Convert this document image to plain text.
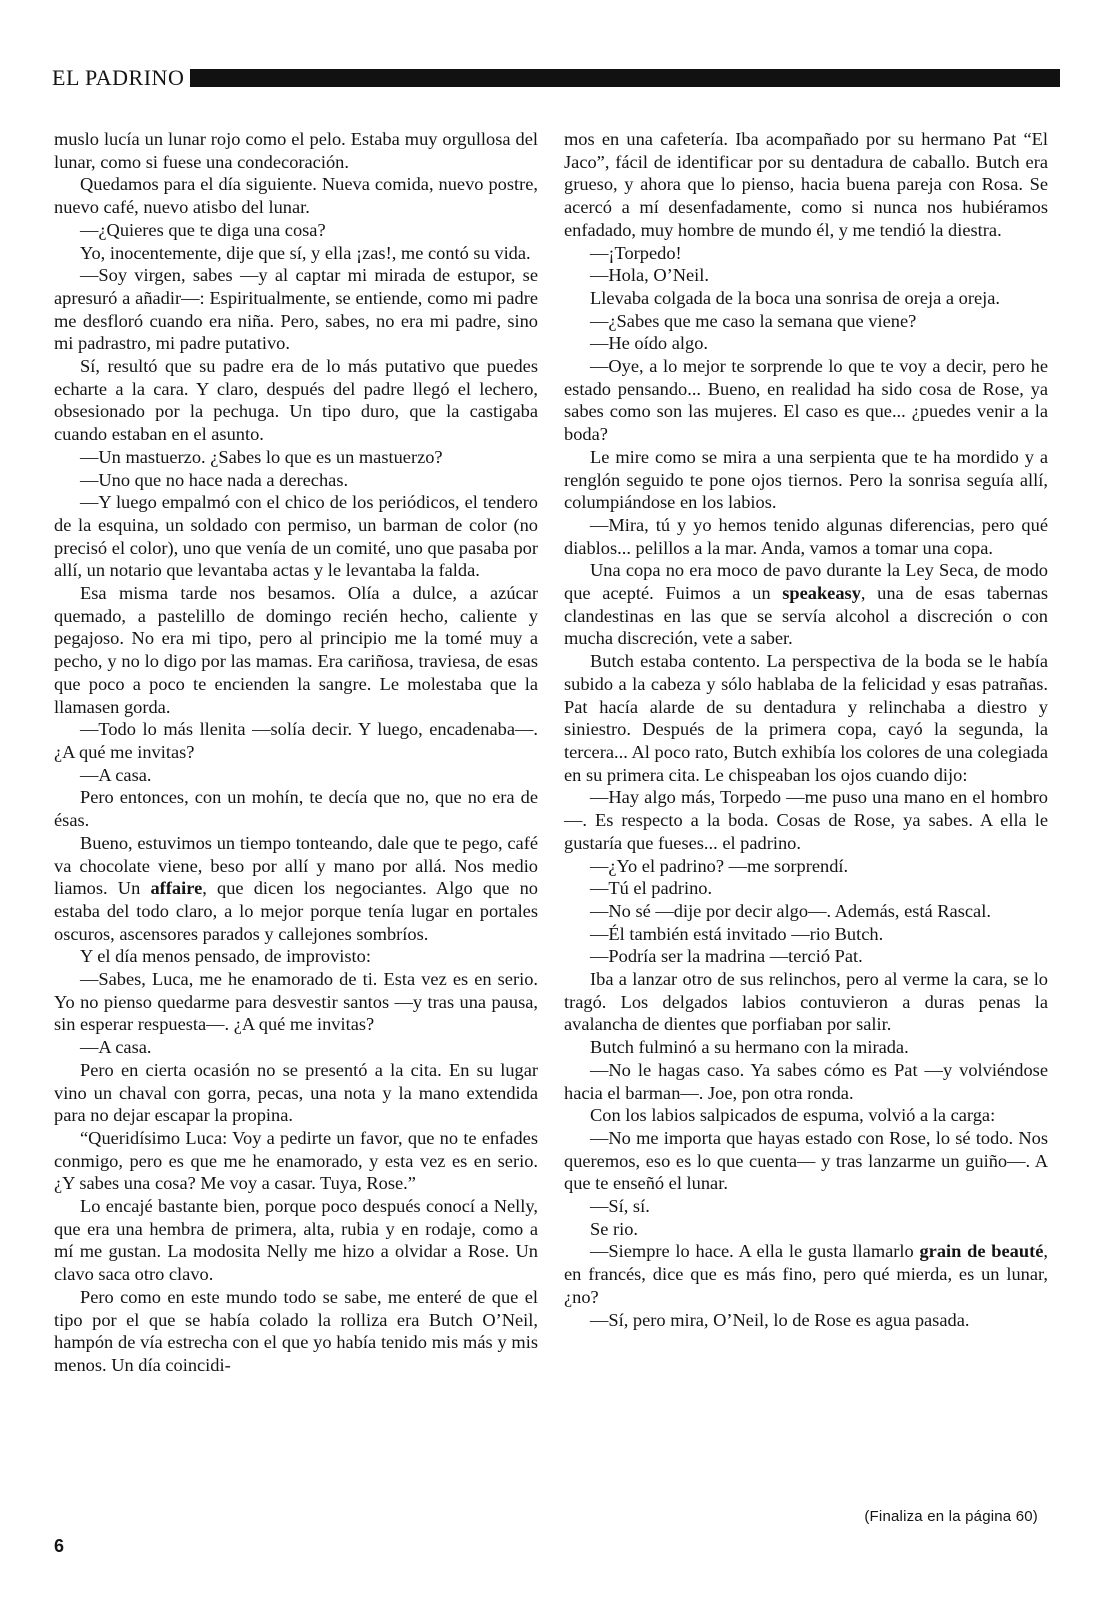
EL PADRINO

muslo lucía un lunar rojo como el pelo. Estaba muy orgullosa del lunar, como si fuese una condecoración.

Quedamos para el día siguiente. Nueva comida, nuevo postre, nuevo café, nuevo atisbo del lunar.

—¿Quieres que te diga una cosa?

Yo, inocentemente, dije que sí, y ella ¡zas!, me contó su vida.

—Soy virgen, sabes —y al captar mi mirada de estupor, se apresuró a añadir—: Espiritualmente, se entiende, como mi padre me desfloró cuando era niña. Pero, sabes, no era mi padre, sino mi padrastro, mi padre putativo.

Sí, resultó que su padre era de lo más putativo que puedes echarte a la cara. Y claro, después del padre llegó el lechero, obsesionado por la pechuga. Un tipo duro, que la castigaba cuando estaban en el asunto.

—Un mastuerzo. ¿Sabes lo que es un mastuerzo?

—Uno que no hace nada a derechas.

—Y luego empalmó con el chico de los periódicos, el tendero de la esquina, un soldado con permiso, un barman de color (no precisó el color), uno que venía de un comité, uno que pasaba por allí, un notario que levantaba actas y le levantaba la falda.

Esa misma tarde nos besamos. Olía a dulce, a azúcar quemado, a pastelillo de domingo recién hecho, caliente y pegajoso. No era mi tipo, pero al principio me la tomé muy a pecho, y no lo digo por las mamas. Era cariñosa, traviesa, de esas que poco a poco te encienden la sangre. Le molestaba que la llamasen gorda.

—Todo lo más llenita —solía decir. Y luego, encadenaba—. ¿A qué me invitas?

—A casa.

Pero entonces, con un mohín, te decía que no, que no era de ésas.

Bueno, estuvimos un tiempo tonteando, dale que te pego, café va chocolate viene, beso por allí y mano por allá. Nos medio liamos. Un affaire, que dicen los negociantes. Algo que no estaba del todo claro, a lo mejor porque tenía lugar en portales oscuros, ascensores parados y callejones sombríos.

Y el día menos pensado, de improvisto:

—Sabes, Luca, me he enamorado de ti. Esta vez es en serio. Yo no pienso quedarme para desvestir santos —y tras una pausa, sin esperar respuesta—. ¿A qué me invitas?

—A casa.

Pero en cierta ocasión no se presentó a la cita. En su lugar vino un chaval con gorra, pecas, una nota y la mano extendida para no dejar escapar la propina.

“Queridísimo Luca: Voy a pedirte un favor, que no te enfades conmigo, pero es que me he enamorado, y esta vez es en serio. ¿Y sabes una cosa? Me voy a casar. Tuya, Rose.”

Lo encajé bastante bien, porque poco después conocí a Nelly, que era una hembra de primera, alta, rubia y en rodaje, como a mí me gustan. La modosita Nelly me hizo a olvidar a Rose. Un clavo saca otro clavo.

Pero como en este mundo todo se sabe, me enteré de que el tipo por el que se había colado la rolliza era Butch O’Neil, hampón de vía estrecha con el que yo había tenido mis más y mis menos. Un día coincidi-

mos en una cafetería. Iba acompañado por su hermano Pat “El Jaco”, fácil de identificar por su dentadura de caballo. Butch era grueso, y ahora que lo pienso, hacia buena pareja con Rosa. Se acercó a mí desenfadamente, como si nunca nos hubiéramos enfadado, muy hombre de mundo él, y me tendió la diestra.

—¡Torpedo!

—Hola, O’Neil.

Llevaba colgada de la boca una sonrisa de oreja a oreja.

—¿Sabes que me caso la semana que viene?

—He oído algo.

—Oye, a lo mejor te sorprende lo que te voy a decir, pero he estado pensando... Bueno, en realidad ha sido cosa de Rose, ya sabes como son las mujeres. El caso es que... ¿puedes venir a la boda?

Le mire como se mira a una serpienta que te ha mordido y a renglón seguido te pone ojos tiernos. Pero la sonrisa seguía allí, columpiándose en los labios.

—Mira, tú y yo hemos tenido algunas diferencias, pero qué diablos... pelillos a la mar. Anda, vamos a tomar una copa.

Una copa no era moco de pavo durante la Ley Seca, de modo que acepté. Fuimos a un speakeasy, una de esas tabernas clandestinas en las que se servía alcohol a discreción o con mucha discreción, vete a saber.

Butch estaba contento. La perspectiva de la boda se le había subido a la cabeza y sólo hablaba de la felicidad y esas patrañas. Pat hacía alarde de su dentadura y relinchaba a diestro y siniestro. Después de la primera copa, cayó la segunda, la tercera... Al poco rato, Butch exhibía los colores de una colegiada en su primera cita. Le chispeaban los ojos cuando dijo:

—Hay algo más, Torpedo —me puso una mano en el hombro—. Es respecto a la boda. Cosas de Rose, ya sabes. A ella le gustaría que fueses... el padrino.

—¿Yo el padrino? —me sorprendí.

—Tú el padrino.

—No sé —dije por decir algo—. Además, está Rascal.

—Él también está invitado —rio Butch.

—Podría ser la madrina —terció Pat.

Iba a lanzar otro de sus relinchos, pero al verme la cara, se lo tragó. Los delgados labios contuvieron a duras penas la avalancha de dientes que porfiaban por salir.

Butch fulminó a su hermano con la mirada.

—No le hagas caso. Ya sabes cómo es Pat —y volviéndose hacia el barman—. Joe, pon otra ronda.

Con los labios salpicados de espuma, volvió a la carga:

—No me importa que hayas estado con Rose, lo sé todo. Nos queremos, eso es lo que cuenta— y tras lanzarme un guiño—. A que te enseñó el lunar.

—Sí, sí.

Se rio.

—Siempre lo hace. A ella le gusta llamarlo grain de beauté, en francés, dice que es más fino, pero qué mierda, es un lunar, ¿no?

—Sí, pero mira, O’Neil, lo de Rose es agua pasada.

(Finaliza en la página 60)
6
